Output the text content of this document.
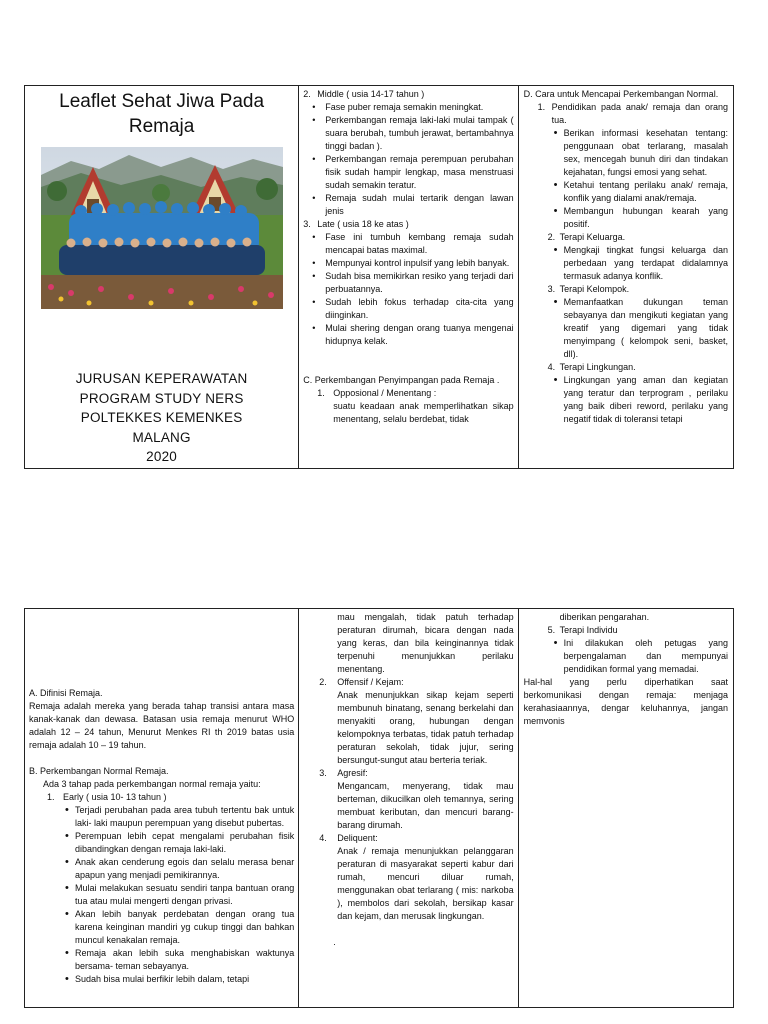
Leaflet Sehat Jiwa Pada
Remaja
JURUSAN KEPERAWATAN
PROGRAM STUDY NERS
POLTEKKES KEMENKES
MALANG
2020
2. Middle ( usia 14-17 tahun )
• Fase puber remaja semakin meningkat.
• Perkembangan remaja laki-laki mulai tampak ( suara berubah, tumbuh jerawat, bertambahnya tinggi badan ).
• Perkembangan remaja perempuan perubahan fisik sudah hampir lengkap, masa menstruasi sudah semakin teratur.
• Remaja sudah mulai tertarik dengan lawan jenis
3. Late ( usia 18 ke atas )
• Fase ini tumbuh kembang remaja sudah mencapai batas maximal.
• Mempunyai kontrol inpulsif yang lebih banyak.
• Sudah bisa memikirkan resiko yang terjadi dari perbuatannya.
• Sudah lebih fokus terhadap cita-cita yang diinginkan.
• Mulai shering dengan orang tuanya mengenai hidupnya kelak.
C. Perkembangan Penyimpangan pada Remaja .
1. Opposional / Menentang :
suatu keadaan anak memperlihatkan sikap menentang, selalu berdebat, tidak
D. Cara untuk Mencapai Perkembangan Normal.
1. Pendidikan pada anak/ remaja dan orang tua.
• Berikan informasi kesehatan tentang: penggunaan obat terlarang, masalah sex, mencegah bunuh diri dan tindakan kejahatan, fungsi emosi yang sehat.
• Ketahui tentang perilaku anak/ remaja, konflik yang dialami anak/remaja.
• Membangun hubungan kearah yang positif.
2. Terapi Keluarga.
• Mengkaji tingkat fungsi keluarga dan perbedaan yang terdapat didalamnya termasuk adanya konflik.
3. Terapi Kelompok.
• Memanfaatkan dukungan teman sebayanya dan mengikuti kegiatan yang kreatif yang digemari yang tidak menyimpang ( kelompok seni, basket, dll).
4. Terapi Lingkungan.
• Lingkungan yang aman dan kegiatan yang teratur dan terprogram , perilaku yang baik diberi reword, perilaku yang negatif tidak di toleransi tetapi
A. Difinisi Remaja.
Remaja adalah mereka yang berada tahap transisi antara masa kanak-kanak dan dewasa. Batasan usia remaja menurut WHO adalah 12 – 24 tahun, Menurut Menkes RI th 2019 batas usia remaja adalah 10 – 19 tahun.
B. Perkembangan Normal Remaja.
Ada 3 tahap pada perkembangan normal remaja yaitu:
1. Early ( usia 10- 13 tahun )
• Terjadi perubahan pada area tubuh tertentu bak untuk laki- laki maupun perempuan yang disebut pubertas.
• Perempuan lebih cepat mengalami perubahan fisik dibandingkan dengan remaja laki-laki.
• Anak akan cenderung egois dan selalu merasa benar apapun yang menjadi pemikirannya.
• Mulai melakukan sesuatu sendiri tanpa bantuan orang tua atau mulai mengerti dengan privasi.
• Akan lebih banyak perdebatan dengan orang tua karena keinginan mandiri yg cukup tinggi dan bahkan muncul kenakalan remaja.
• Remaja akan lebih suka menghabiskan waktunya bersama- teman sebayanya.
• Sudah bisa mulai berfikir lebih dalam, tetapi
mau mengalah, tidak patuh terhadap peraturan dirumah, bicara dengan nada yang keras, dan bila keinginannya tidak terpenuhi menunjukkan perilaku menentang.
2. Offensif / Kejam:
Anak menunjukkan sikap kejam seperti membunuh binatang, senang berkelahi dan menyakiti orang, hubungan dengan kelompoknya terbatas, tidak patuh terhadap peraturan sekolah, tidak jujur, sering bersungut-sungut atau berteria teriak.
3. Agresif:
Mengancam, menyerang, tidak mau berteman, dikucilkan oleh temannya, sering membuat keributan, dan mencuri barang-barang dirumah.
4. Deliquent:
Anak / remaja menunjukkan pelanggaran peraturan di masyarakat seperti kabur dari rumah, mencuri diluar rumah, menggunakan obat terlarang ( mis: narkoba ), membolos dari sekolah, bersikap kasar dan kejam, dan merusak lingkungan.
.
diberikan pengarahan.
5. Terapi Individu
• Ini dilakukan oleh petugas yang berpengalaman dan mempunyai pendidikan formal yang memadai.
Hal-hal yang perlu diperhatikan saat berkomunikasi dengan remaja: menjaga kerahasiaannya, dengar keluhannya, jangan memvonis
